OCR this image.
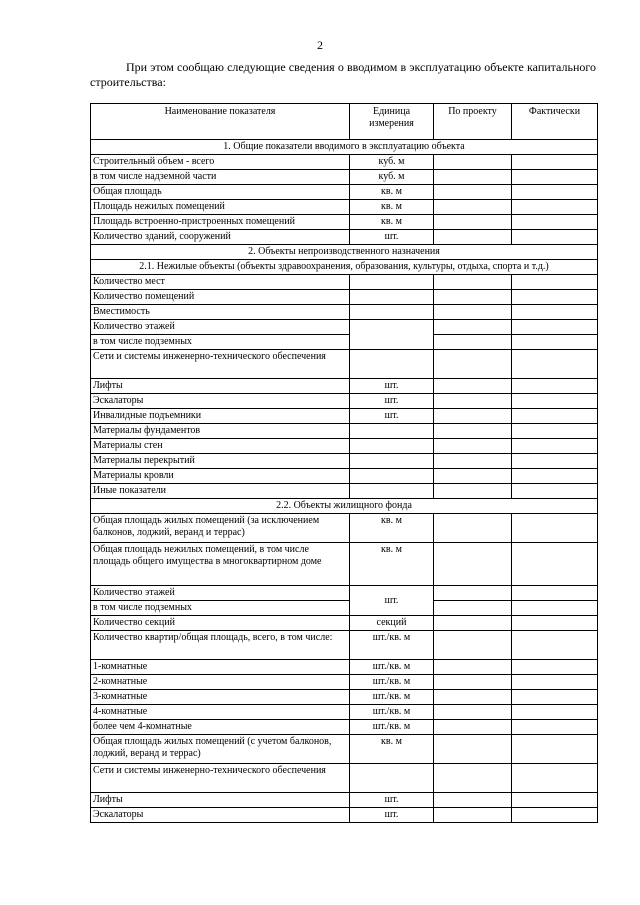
2
При этом сообщаю следующие сведения о вводимом в эксплуатацию объекте капитального строительства:
Наименование показателя	Единица измерения	По проекту	Фактически
1. Общие показатели вводимого в эксплуатацию объекта			
Строительный объем - всего	куб. м		
в том числе надземной части	куб. м		
Общая площадь	кв. м		
Площадь нежилых помещений	кв. м		
Площадь встроенно-пристроенных помещений	кв. м		
Количество зданий, сооружений	шт.		
2. Объекты непроизводственного назначения			
2.1. Нежилые объекты (объекты здравоохранения, образования, культуры, отдыха, спорта и т.д.)			
Количество мест			
Количество помещений			
Вместимость			
Количество этажей			
в том числе подземных			
Сети и системы инженерно-технического обеспечения			
Лифты	шт.		
Эскалаторы	шт.		
Инвалидные подъемники	шт.		
Материалы фундаментов			
Материалы стен			
Материалы перекрытий			
Материалы кровли			
Иные показатели			
2.2. Объекты жилищного фонда			
Общая площадь жилых помещений (за исключением балконов, лоджий, веранд и террас)	кв. м		
Общая площадь нежилых помещений, в том числе площадь общего имущества в многоквартирном доме	кв. м		
Количество этажей	шт.		
в том числе подземных			
Количество секций	секций		
Количество квартир/общая площадь, всего, в том числе:	шт./кв. м		
1-комнатные	шт./кв. м		
2-комнатные	шт./кв. м		
3-комнатные	шт./кв. м		
4-комнатные	шт./кв. м		
более чем 4-комнатные	шт./кв. м		
Общая площадь жилых помещений (с учетом балконов, лоджий, веранд и террас)	кв. м		
Сети и системы инженерно-технического обеспечения			
Лифты	шт.		
Эскалаторы	шт.		
